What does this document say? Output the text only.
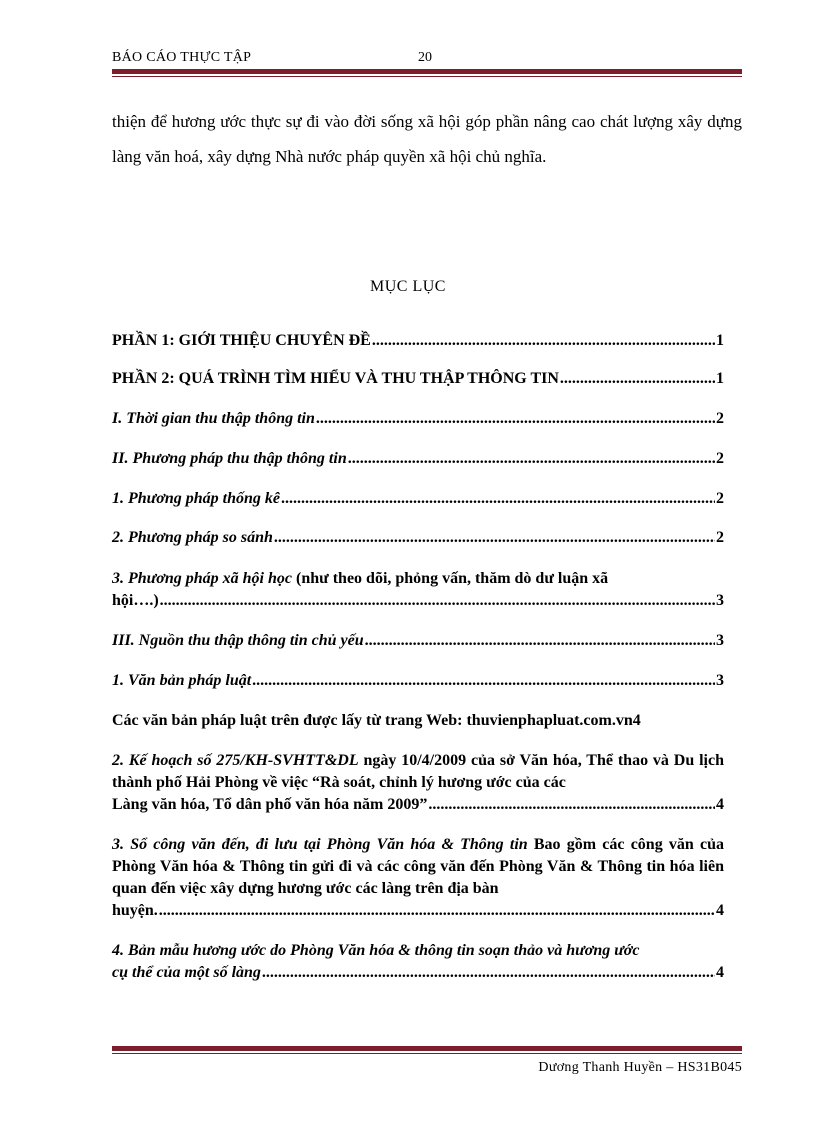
BÁO CÁO THỰC TẬP	20
thiện để hương ước thực sự đi vào đời sống xã hội góp phần nâng cao chát lượng xây dựng làng văn hoá, xây dựng Nhà nước pháp quyền xã hội chủ nghĩa.
MỤC LỤC
PHẦN 1: GIỚI THIỆU CHUYÊN ĐỀ .....	1
PHẦN 2: QUÁ TRÌNH TÌM HIỂU VÀ THU THẬP THÔNG TIN .....	1
I. Thời gian thu thập thông tin .....	2
II. Phương pháp thu thập thông tin .....	2
1. Phương pháp thống kê .....	2
2. Phương pháp so sánh .....	2
3. Phương pháp xã hội học (như theo dõi, phỏng vấn, thăm dò dư luận xã
hội….) .....	3
III. Nguồn thu thập thông tin chủ yếu .....	3
1. Văn bản pháp luật .....	3
Các văn bản pháp luật trên được lấy từ trang Web: thuvienphapluat.com.vn 4
2. Kế hoạch số 275/KH-SVHTT&DL ngày 10/4/2009 của sở Văn hóa, Thể thao và Du lịch thành phố Hải Phòng về việc “Rà soát, chỉnh lý hương ước của các
Làng văn hóa, Tổ dân phố văn hóa năm 2009” .....	4
3. Sổ công văn đến, đi lưu tại Phòng Văn hóa & Thông tin Bao gồm các công văn của Phòng Văn hóa & Thông tin gửi đi và các công văn đến Phòng Văn & Thông tin hóa liên quan đến việc xây dựng hương ước các làng trên địa bàn
huyện. .....	4
4. Bản mẫu hương ước do Phòng Văn hóa & thông tin soạn thảo và hương ước
cụ thể của một số làng .....	4
Dương Thanh Huyền – HS31B045
